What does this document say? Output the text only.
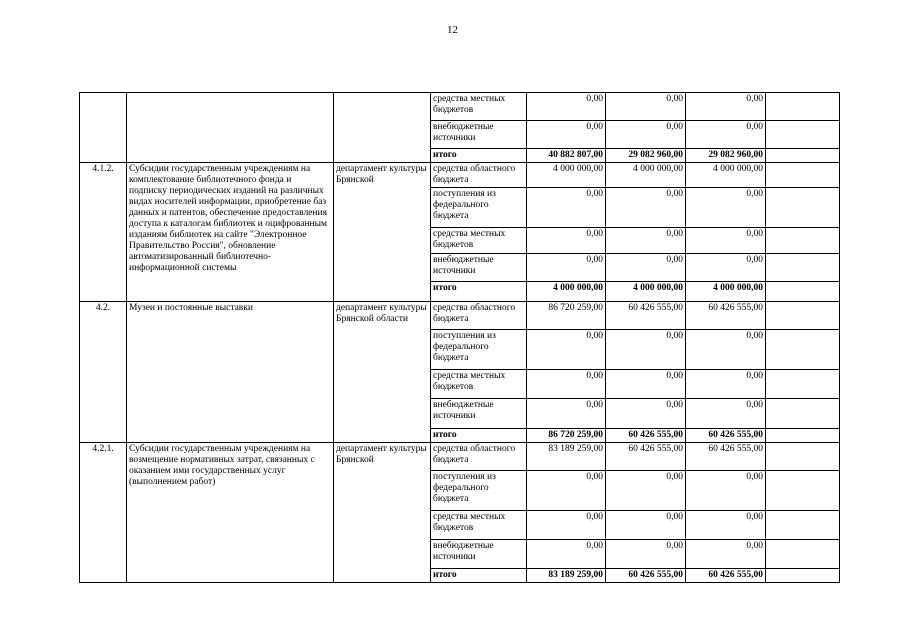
12
			средства местных бюджетов	0,00	0,00	0,00	
			внебюджетные источники	0,00	0,00	0,00	
			итого	40 882 807,00	29 082 960,00	29 082 960,00	
4.1.2.	Субсидии государственным учреждениям на комплектование библиотечного фонда и подписку периодических изданий на различных видах носителей информации, приобретение баз данных и патентов, обеспечение предоставления доступа к каталогам библиотек и оцифрованным изданиям библиотек на сайте "Электронное Правительство Россия", обновление автоматизированный библиотечно-информационной системы	департамент культуры Брянской	средства областного бюджета	4 000 000,00	4 000 000,00	4 000 000,00	
			поступления из федерального бюджета	0,00	0,00	0,00	
			средства местных бюджетов	0,00	0,00	0,00	
			внебюджетные источники	0,00	0,00	0,00	
			итого	4 000 000,00	4 000 000,00	4 000 000,00	
4.2.	Музеи и постоянные выставки	департамент культуры Брянской области	средства областного бюджета	86 720 259,00	60 426 555,00	60 426 555,00	
			поступления из федерального бюджета	0,00	0,00	0,00	
			средства местных бюджетов	0,00	0,00	0,00	
			внебюджетные источники	0,00	0,00	0,00	
			итого	86 720 259,00	60 426 555,00	60 426 555,00	
4.2.1.	Субсидии государственным учреждениям на возмещение нормативных затрат, связанных с оказанием ими государственных услуг (выполнением работ)	департамент культуры Брянской	средства областного бюджета	83 189 259,00	60 426 555,00	60 426 555,00	
			поступления из федерального бюджета	0,00	0,00	0,00	
			средства местных бюджетов	0,00	0,00	0,00	
			внебюджетные источники	0,00	0,00	0,00	
			итого	83 189 259,00	60 426 555,00	60 426 555,00	
